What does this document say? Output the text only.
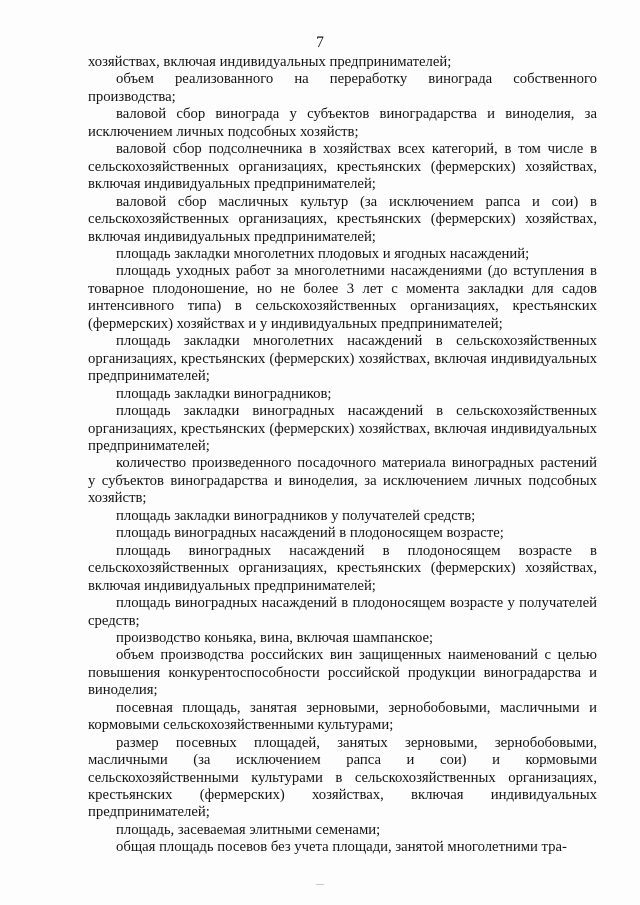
7

хозяйствах, включая индивидуальных предпринимателей;

объем реализованного на переработку винограда собственного производства;

валовой сбор винограда у субъектов виноградарства и виноделия, за исключением личных подсобных хозяйств;

валовой сбор подсолнечника в хозяйствах всех категорий, в том числе в сельскохозяйственных организациях, крестьянских (фермерских) хозяйствах, включая индивидуальных предпринимателей;

валовой сбор масличных культур (за исключением рапса и сои) в сельскохозяйственных организациях, крестьянских (фермерских) хозяйствах, включая индивидуальных предпринимателей;

площадь закладки многолетних плодовых и ягодных насаждений;

площадь уходных работ за многолетними насаждениями (до вступления в товарное плодоношение, но не более 3 лет с момента закладки для садов интенсивного типа) в сельскохозяйственных организациях, крестьянских (фермерских) хозяйствах и у индивидуальных предпринимателей;

площадь закладки многолетних насаждений в сельскохозяйственных организациях, крестьянских (фермерских) хозяйствах, включая индивидуальных предпринимателей;

площадь закладки виноградников;

площадь закладки виноградных насаждений в сельскохозяйственных организациях, крестьянских (фермерских) хозяйствах, включая индивидуальных предпринимателей;

количество произведенного посадочного материала виноградных растений у субъектов виноградарства и виноделия, за исключением личных подсобных хозяйств;

площадь закладки виноградников у получателей средств;

площадь виноградных насаждений в плодоносящем возрасте;

площадь виноградных насаждений в плодоносящем возрасте в сельскохозяйственных организациях, крестьянских (фермерских) хозяйствах, включая индивидуальных предпринимателей;

площадь виноградных насаждений в плодоносящем возрасте у получателей средств;

производство коньяка, вина, включая шампанское;

объем производства российских вин защищенных наименований с целью повышения конкурентоспособности российской продукции виноградарства и виноделия;

посевная площадь, занятая зерновыми, зернобобовыми, масличными и кормовыми сельскохозяйственными культурами;

размер посевных площадей, занятых зерновыми, зернобобовыми, масличными (за исключением рапса и сои) и кормовыми сельскохозяйственными культурами в сельскохозяйственных организациях, крестьянских (фермерских) хозяйствах, включая индивидуальных предпринимателей;

площадь, засеваемая элитными семенами;

общая площадь посевов без учета площади, занятой многолетними тра-
